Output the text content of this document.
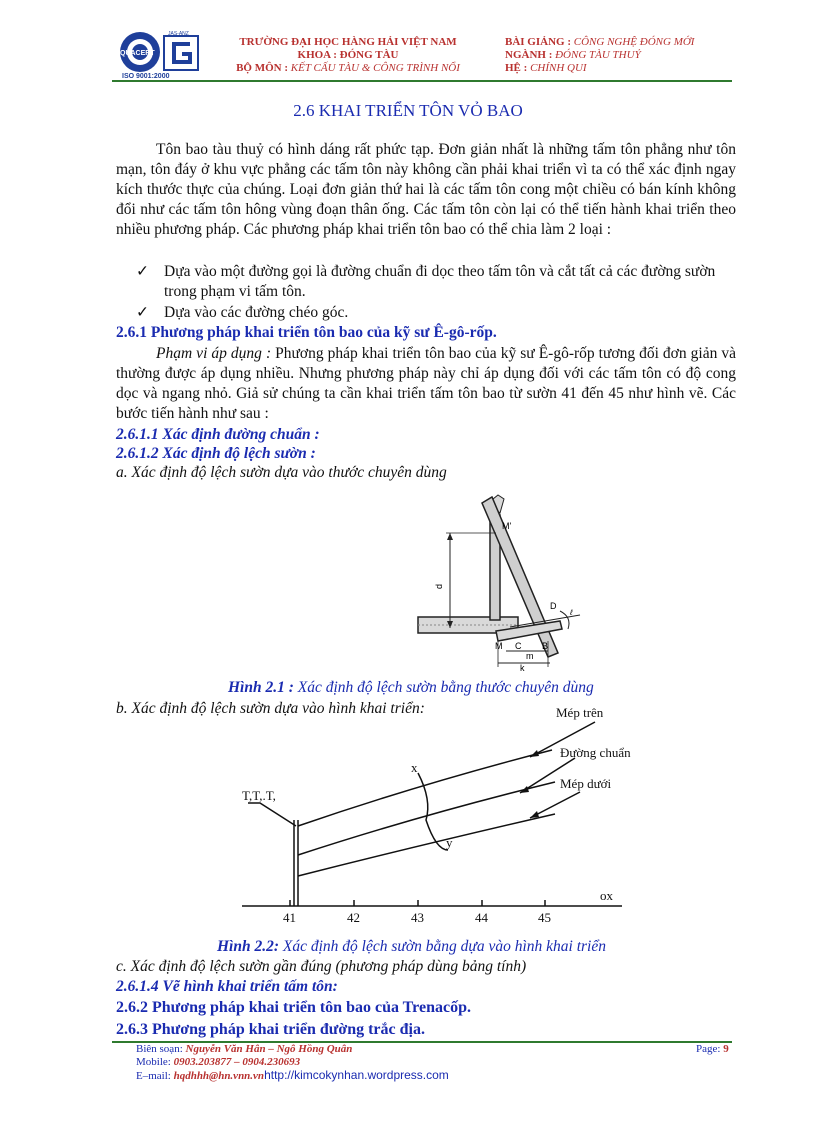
QUACERT
JAS-ANZ
ISO 9001:2000
TRƯỜNG ĐẠI HỌC HÀNG HẢI VIỆT NAM
KHOA : ĐÓNG TÀU
BỘ MÔN : KẾT CẤU TÀU & CÔNG TRÌNH NỔI
BÀI GIẢNG : CÔNG NGHỆ ĐÓNG MỚI
NGÀNH : ĐÓNG TÀU THUỶ
HỆ : CHÍNH QUI
2.6 KHAI TRIỂN TÔN VỎ BAO
Tôn bao tàu thuỷ có hình dáng rất phức tạp. Đơn giản nhất là những tấm tôn phẳng như tôn mạn, tôn đáy ở khu vực phẳng các tấm tôn này không cần phải khai triển vì ta có thể xác định ngay kích thước thực của chúng. Loại đơn giản thứ hai là các tấm tôn cong một chiều có bán kính không đổi như các tấm tôn hông vùng đoạn thân ống. Các tấm tôn còn lại có thể tiến hành khai triển theo nhiều phương pháp. Các phương pháp khai triển tôn bao có thể chia làm 2 loại :
✓ Dựa vào một đường gọi là đường chuẩn đi dọc theo tấm tôn và cắt tất cả các đường sườn trong phạm vi tấm tôn.
✓ Dựa vào các đường chéo góc.
2.6.1 Phương pháp khai triển tôn bao của kỹ sư Ê-gô-rốp.
Phạm vi áp dụng : Phương pháp khai triển tôn bao của kỹ sư Ê-gô-rốp tương đối đơn giản và thường được áp dụng nhiều. Nhưng phương pháp này chỉ áp dụng đối với các tấm tôn có độ cong dọc và ngang nhỏ. Giả sử chúng ta cần khai triển tấm tôn bao từ sườn 41 đến 45 như hình vẽ. Các bước tiến hành như sau :
2.6.1.1 Xác định đường chuẩn :
2.6.1.2 Xác định độ lệch sườn :
a. Xác định độ lệch sườn dựa vào thước chuyên dùng
M'
d
D
ℓ
M C
m
B
k
Hình 2.1 : Xác định độ lệch sườn bằng thước chuyên dùng
b. Xác định độ lệch sườn dựa vào hình khai triển:	Mép trên
Đường chuẩn
Mép dưới
T,T,.T,
x
y
ox
41	42	43	44	45
Hình 2.2: Xác định độ lệch sườn bằng dựa vào hình khai triển
c. Xác định độ lệch sườn gần đúng (phương pháp dùng bảng tính)
2.6.1.4 Vẽ hình khai triển tấm tôn:
2.6.2 Phương pháp khai triển tôn bao của Trenacốp.
2.6.3 Phương pháp khai triển đường trắc địa.
Biên soạn: Nguyễn Văn Hân – Ngô Hồng Quân
Mobile: 0903.203877 – 0904.230693
E–mail: hqdhhh@hn.vnn.vnhttp://kimcokynhan.wordpress.com
Page: 9
